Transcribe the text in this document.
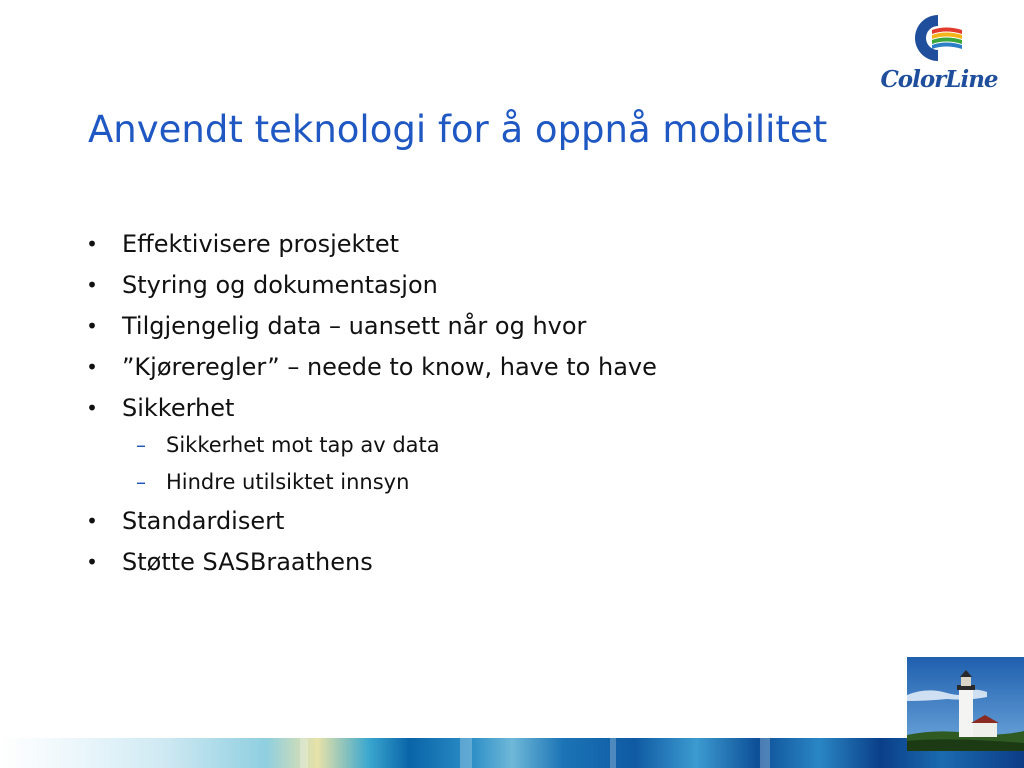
ColorLine
Anvendt teknologi for å oppnå mobilitet
• Effektivisere prosjektet
• Styring og dokumentasjon
• Tilgjengelig data – uansett når og hvor
• ”Kjøreregler” – neede to know, have to have
• Sikkerhet
– Sikkerhet mot tap av data
– Hindre utilsiktet innsyn
• Standardisert
• Støtte SASBraathens
